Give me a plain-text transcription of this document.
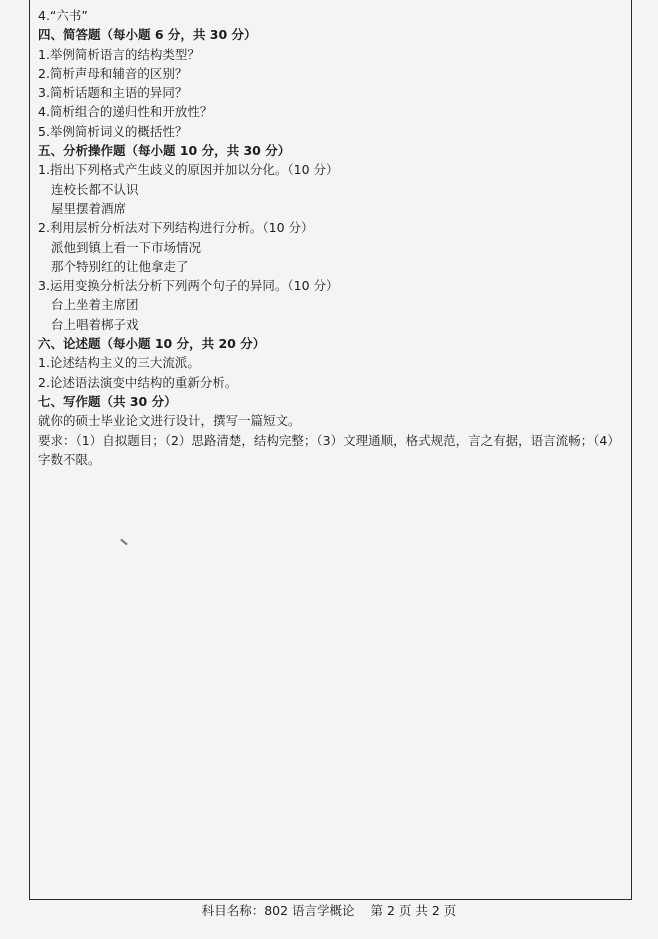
4.“六书”
四、简答题（每小题 6 分，共 30 分）
1.举例简析语言的结构类型？
2.简析声母和辅音的区别？
3.简析话题和主语的异同？
4.简析组合的递归性和开放性？
5.举例简析词义的概括性？
五、分析操作题（每小题 10 分，共 30 分）
1.指出下列格式产生歧义的原因并加以分化。（10 分）
连校长都不认识
屋里摆着酒席
2.利用层析分析法对下列结构进行分析。（10 分）
派他到镇上看一下市场情况
那个特别红的让他拿走了
3.运用变换分析法分析下列两个句子的异同。（10 分）
台上坐着主席团
台上唱着梆子戏
六、论述题（每小题 10 分，共 20 分）
1.论述结构主义的三大流派。
2.论述语法演变中结构的重新分析。
七、写作题（共 30 分）
就你的硕士毕业论文进行设计，撰写一篇短文。
要求：（1）自拟题目；（2）思路清楚，结构完整；（3）文理通顺，格式规范，言之有据，语言流畅；（4）字数不限。
科目名称：802 语言学概论 第 2 页 共 2 页
